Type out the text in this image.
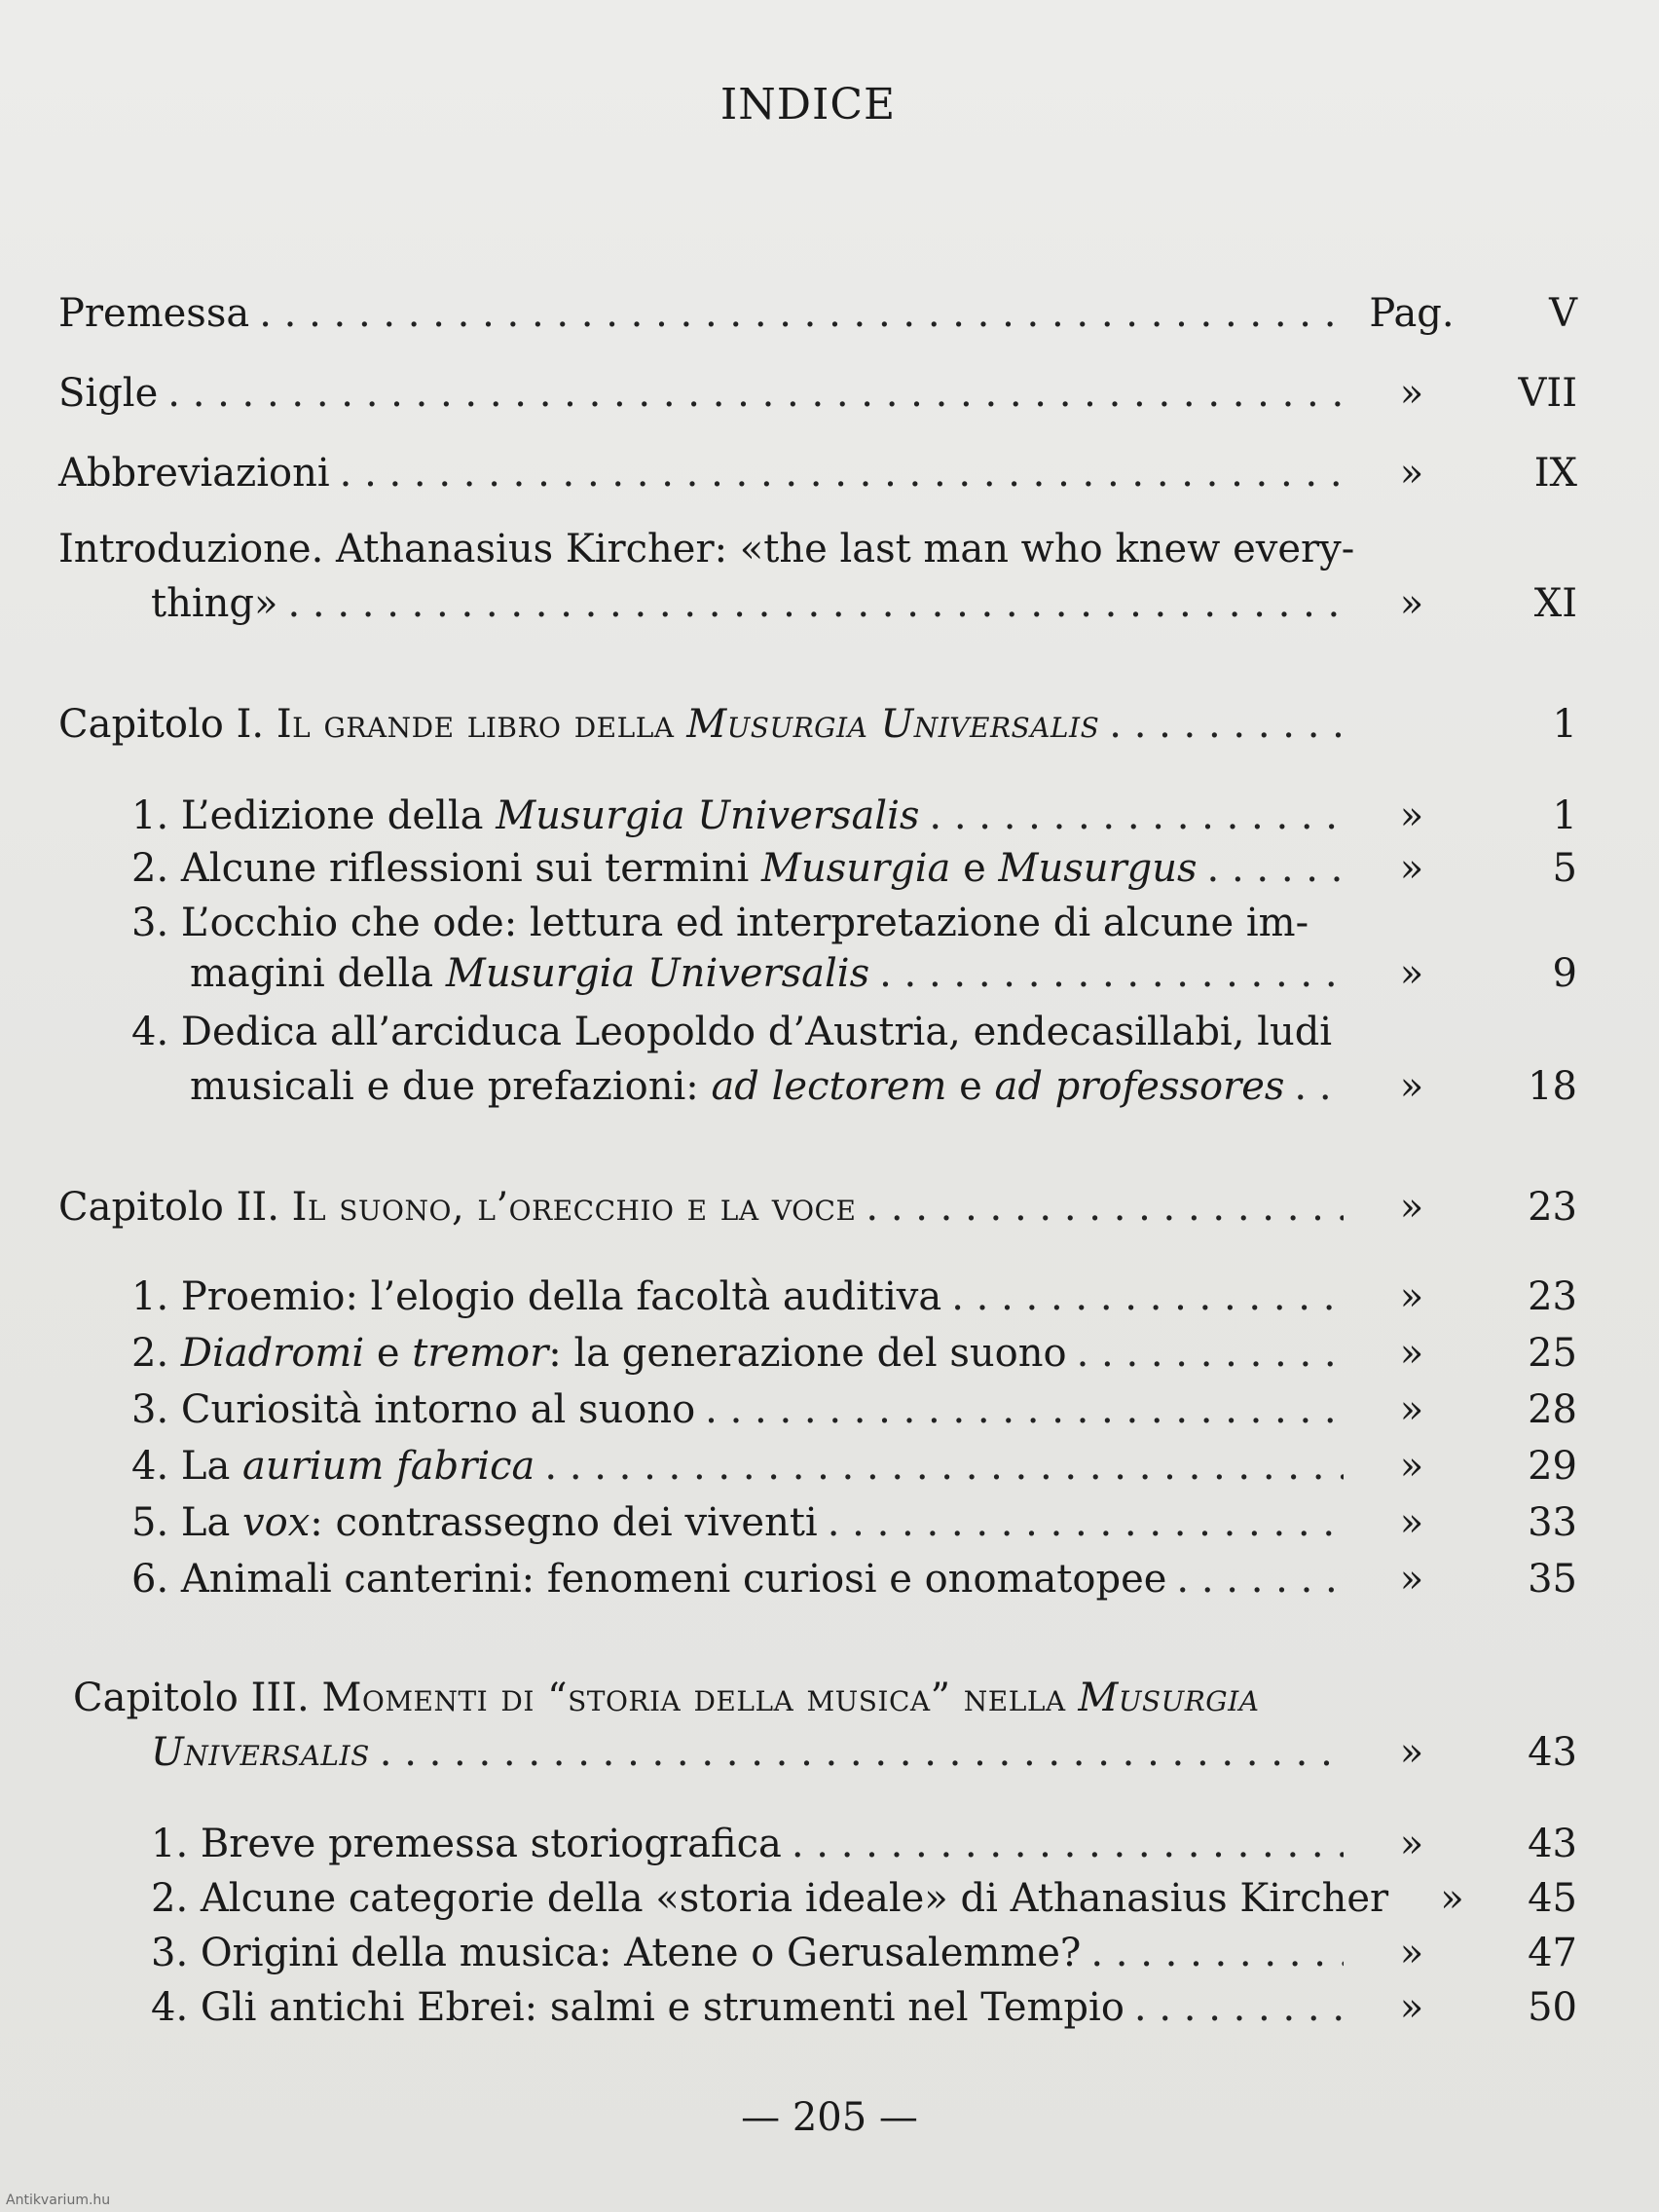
INDICE
Premessa . . .	Pag.	V
Sigle . . .	»	VII
Abbreviazioni . . .	»	IX
Introduzione. Athanasius Kircher: «the last man who knew every-
thing» . . .	»	XI
Capitolo I. Il grande libro della Musurgia Universalis . . .	1
1. L’edizione della Musurgia Universalis . . .	»	1
2. Alcune riflessioni sui termini Musurgia e Musurgus . . .	»	5
3. L’occhio che ode: lettura ed interpretazione di alcune im-
magini della Musurgia Universalis . . .	»	9
4. Dedica all’arciduca Leopoldo d’Austria, endecasillabi, ludi
musicali e due prefazioni: ad lectorem e ad professores . . .	»	18
Capitolo II. Il suono, l’orecchio e la voce . . .	»	23
1. Proemio: l’elogio della facoltà auditiva . . .	»	23
2. Diadromi e tremor: la generazione del suono . . .	»	25
3. Curiosità intorno al suono . . .	»	28
4. La aurium fabrica . . .	»	29
5. La vox: contrassegno dei viventi . . .	»	33
6. Animali canterini: fenomeni curiosi e onomatopee . . .	»	35
Capitolo III. Momenti di “storia della musica” nella Musurgia
Universalis . . .	»	43
1. Breve premessa storiografica . . .	»	43
2. Alcune categorie della «storia ideale» di Athanasius Kircher	»	45
3. Origini della musica: Atene o Gerusalemme? . . .	»	47
4. Gli antichi Ebrei: salmi e strumenti nel Tempio . . .	»	50
— 205 —
Antikvarium.hu
